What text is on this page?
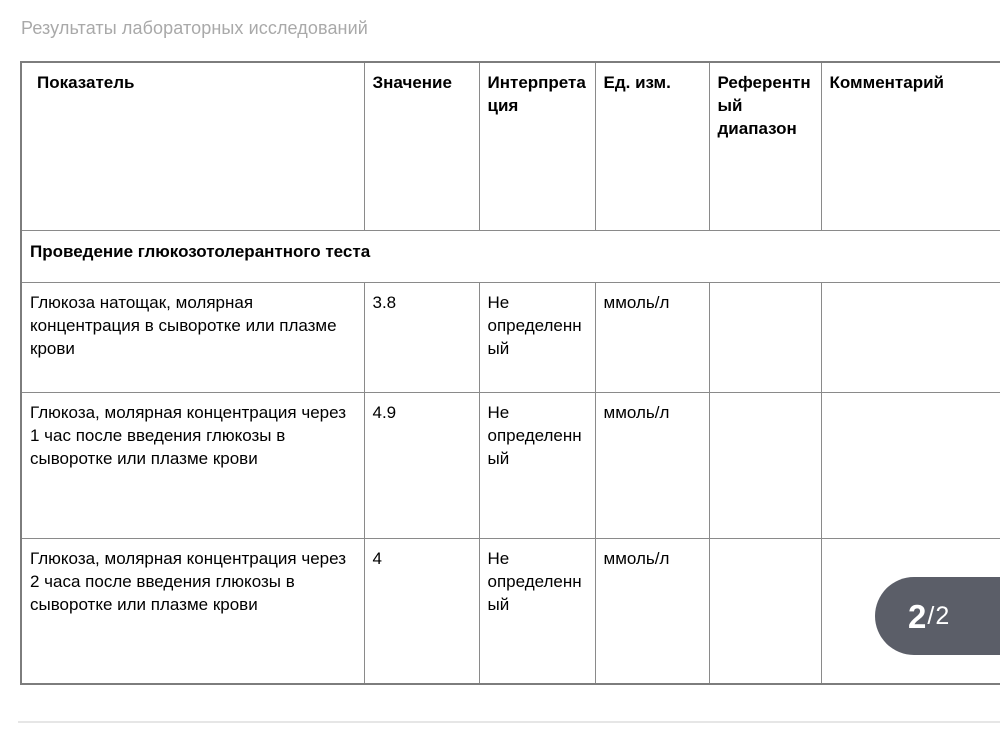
Результаты лабораторных исследований
Показатель	Значение	Интерпретация	Ед. изм.	Референтный диапазон	Комментарий
Проведение глюкозотолерантного теста					
Глюкоза натощак, молярная концентрация в сыворотке или плазме крови	3.8	Не определенный	ммоль/л		
Глюкоза, молярная концентрация через 1 час после введения глюкозы в сыворотке или плазме крови	4.9	Не определенный	ммоль/л		
Глюкоза, молярная концентрация через 2 часа после введения глюкозы в сыворотке или плазме крови	4	Не определенный	ммоль/л		
2 / 2
